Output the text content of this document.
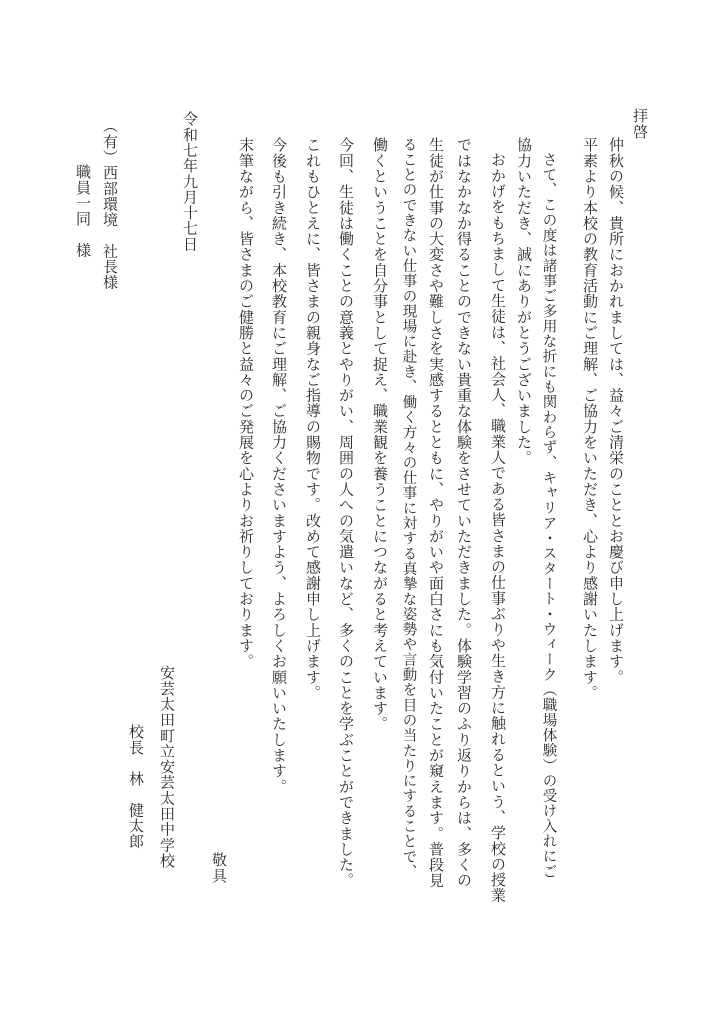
拝啓
仲秋の候、貴所におかれましては、益々ご清栄のこととお慶び申し上げます。
平素より本校の教育活動にご理解、ご協力をいただき、心より感謝いたします。
さて、この度は諸事ご多用な折にも関わらず、キャリア・スタート・ウィーク（職場体験）の受け入れにご
協力いただき、誠にありがとうございました。
おかげをもちまして生徒は、社会人、職業人である皆さまの仕事ぶりや生き方に触れるという、学校の授業
ではなかなか得ることのできない貴重な体験をさせていただきました。体験学習のふり返りからは、多くの
生徒が仕事の大変さや難しさを実感するとともに、やりがいや面白さにも気付いたことが窺えます。普段見
ることのできない仕事の現場に赴き、働く方々の仕事に対する真摯な姿勢や言動を目の当たりにすることで、
働くということを自分事として捉え、職業観を養うことにつながると考えています。
今回、生徒は働くことの意義とやりがい、周囲の人への気遣いなど、多くのことを学ぶことができました。
これもひとえに、皆さまの親身なご指導の賜物です。改めて感謝申し上げます。
今後も引き続き、本校教育にご理解、ご協力くださいますよう、よろしくお願いいたします。
末筆ながら、皆さまのご健勝と益々のご発展を心よりお祈りしております。
敬具
安芸太田町立安芸太田中学校
校長　林　健太郎
令和七年九月十七日
（有）西部環境　社長様
職員一同　様
